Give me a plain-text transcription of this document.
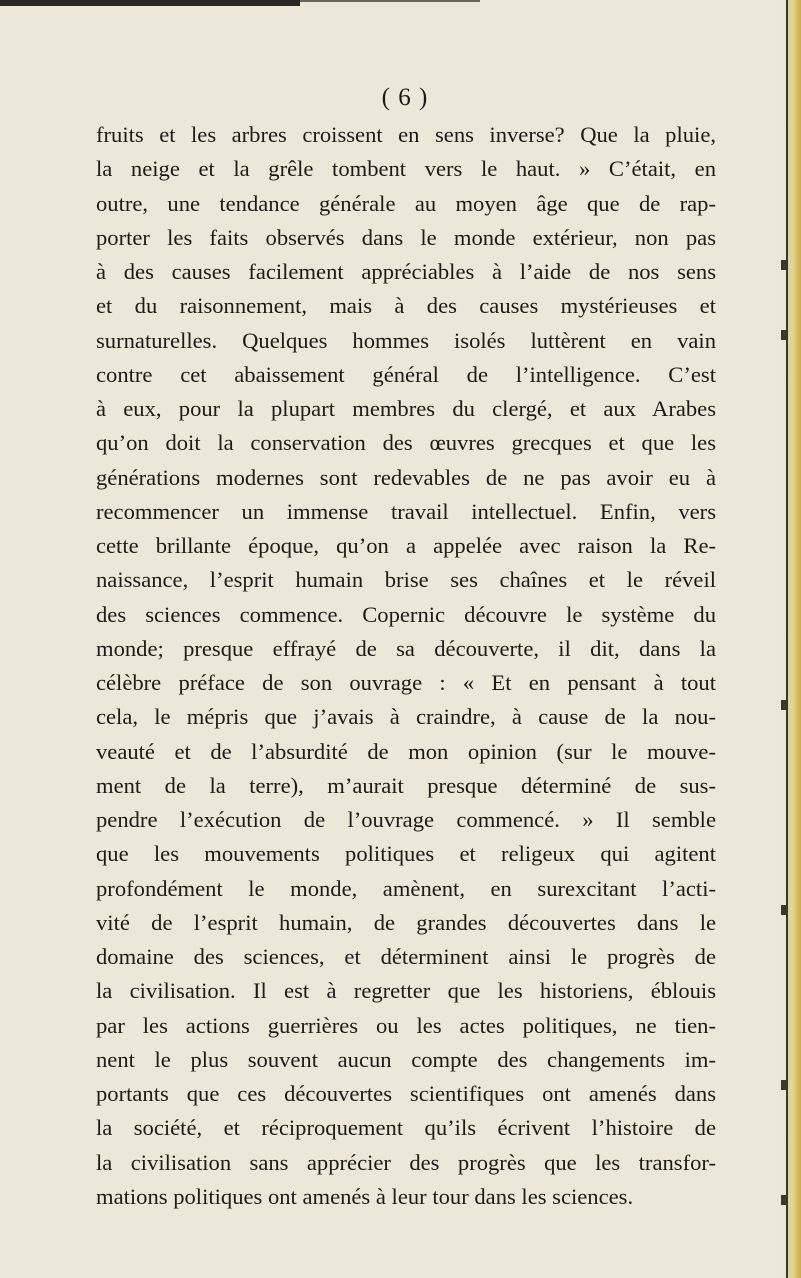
( 6 )
fruits et les arbres croissent en sens inverse? Que la pluie,
la neige et la grêle tombent vers le haut. » C’était, en
outre, une tendance générale au moyen âge que de rap-
porter les faits observés dans le monde extérieur, non pas
à des causes facilement appréciables à l’aide de nos sens
et du raisonnement, mais à des causes mystérieuses et
surnaturelles. Quelques hommes isolés luttèrent en vain
contre cet abaissement général de l’intelligence. C’est
à eux, pour la plupart membres du clergé, et aux Arabes
qu’on doit la conservation des œuvres grecques et que les
générations modernes sont redevables de ne pas avoir eu à
recommencer un immense travail intellectuel. Enfin, vers
cette brillante époque, qu’on a appelée avec raison la Re-
naissance, l’esprit humain brise ses chaînes et le réveil
des sciences commence. Copernic découvre le système du
monde; presque effrayé de sa découverte, il dit, dans la
célèbre préface de son ouvrage : « Et en pensant à tout
cela, le mépris que j’avais à craindre, à cause de la nou-
veauté et de l’absurdité de mon opinion (sur le mouve-
ment de la terre), m’aurait presque déterminé de sus-
pendre l’exécution de l’ouvrage commencé. » Il semble
que les mouvements politiques et religeux qui agitent
profondément le monde, amènent, en surexcitant l’acti-
vité de l’esprit humain, de grandes découvertes dans le
domaine des sciences, et déterminent ainsi le progrès de
la civilisation. Il est à regretter que les historiens, éblouis
par les actions guerrières ou les actes politiques, ne tien-
nent le plus souvent aucun compte des changements im-
portants que ces découvertes scientifiques ont amenés dans
la société, et réciproquement qu’ils écrivent l’histoire de
la civilisation sans apprécier des progrès que les transfor-
mations politiques ont amenés à leur tour dans les sciences.
